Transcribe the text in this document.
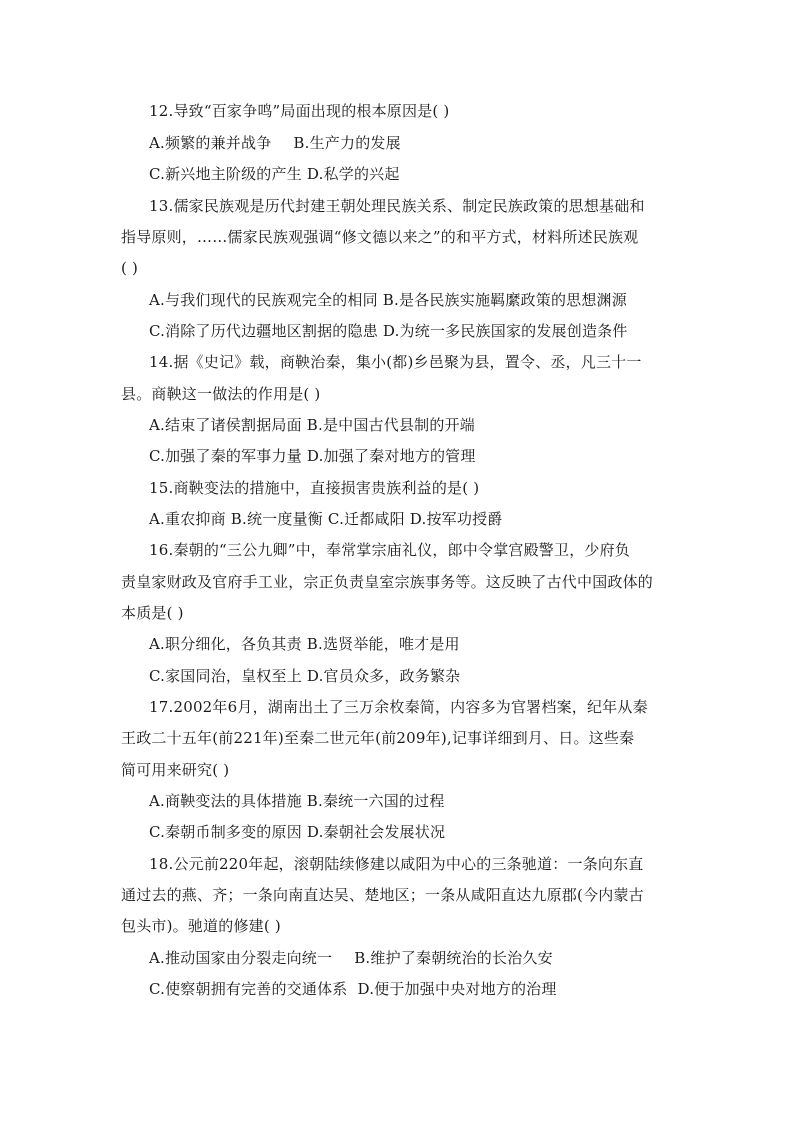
12.导致“百家争鸣”局面出现的根本原因是( )
A.频繁的兼并战争 B.生产力的发展
C.新兴地主阶级的产生 D.私学的兴起
13.儒家民族观是历代封建王朝处理民族关系、制定民族政策的思想基础和
指导原则，……儒家民族观强调“修文德以来之”的和平方式，材料所述民族观
( )
A.与我们现代的民族观完全的相同 B.是各民族实施羁縻政策的思想渊源
C.消除了历代边疆地区割据的隐患 D.为统一多民族国家的发展创造条件
14.据《史记》载，商鞅治秦，集小(都)乡邑聚为县，置令、丞，凡三十一
县。商鞅这一做法的作用是( )
A.结束了诸侯割据局面 B.是中国古代县制的开端
C.加强了秦的军事力量 D.加强了秦对地方的管理
15.商鞅变法的措施中，直接损害贵族利益的是( )
A.重农抑商 B.统一度量衡 C.迁都咸阳 D.按军功授爵
16.秦朝的“三公九卿”中，奉常掌宗庙礼仪，郎中令掌宫殿警卫，少府负
责皇家财政及官府手工业，宗正负责皇室宗族事务等。这反映了古代中国政体的
本质是( )
A.职分细化，各负其责 B.选贤举能，唯才是用
C.家国同治，皇权至上 D.官员众多，政务繁杂
17.2002年6月，湖南出土了三万余枚秦简，内容多为官署档案，纪年从秦
王政二十五年(前221年)至秦二世元年(前209年),记事详细到月、日。这些秦
简可用来研究( )
A.商鞅变法的具体措施 B.秦统一六国的过程
C.秦朝币制多变的原因 D.秦朝社会发展状况
18.公元前220年起，滚朝陆续修建以咸阳为中心的三条驰道：一条向东直
通过去的燕、齐；一条向南直达吴、楚地区；一条从咸阳直达九原郡(今内蒙古
包头市)。驰道的修建( )
A.推动国家由分裂走向统一 B.维护了秦朝统治的长治久安
C.使察朝拥有完善的交通体系 D.便于加强中央对地方的治理
